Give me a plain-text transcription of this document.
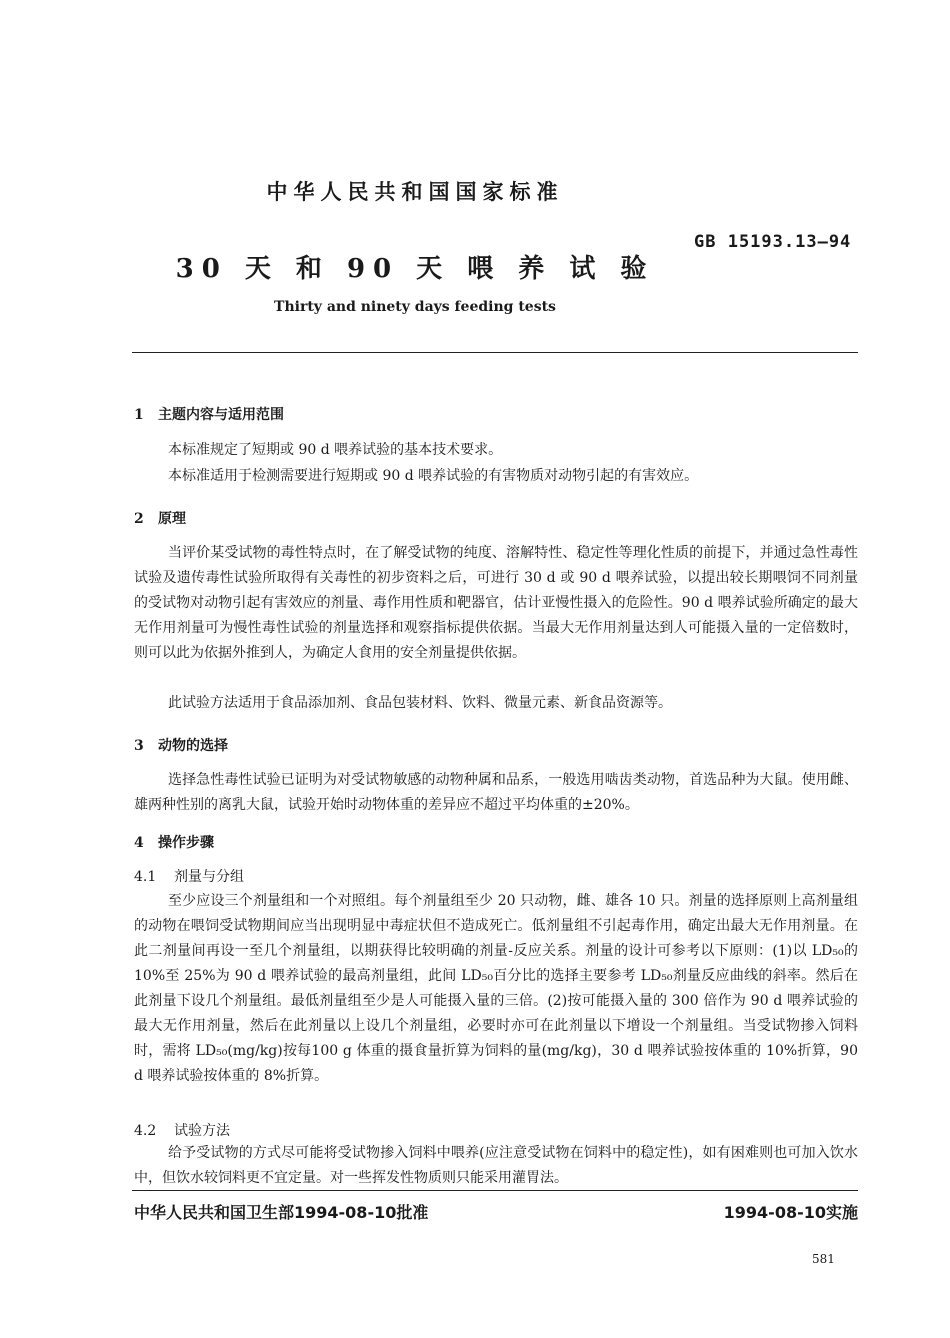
中华人民共和国国家标准
GB 15193.13—94
30 天 和 90 天 喂 养 试 验
Thirty and ninety days feeding tests
1 主题内容与适用范围
本标准规定了短期或 90 d 喂养试验的基本技术要求。
本标准适用于检测需要进行短期或 90 d 喂养试验的有害物质对动物引起的有害效应。
2 原理
当评价某受试物的毒性特点时，在了解受试物的纯度、溶解特性、稳定性等理化性质的前提下，并通过急性毒性试验及遗传毒性试验所取得有关毒性的初步资料之后，可进行 30 d 或 90 d 喂养试验，以提出较长期喂饲不同剂量的受试物对动物引起有害效应的剂量、毒作用性质和靶器官，估计亚慢性摄入的危险性。90 d 喂养试验所确定的最大无作用剂量可为慢性毒性试验的剂量选择和观察指标提供依据。当最大无作用剂量达到人可能摄入量的一定倍数时，则可以此为依据外推到人，为确定人食用的安全剂量提供依据。
此试验方法适用于食品添加剂、食品包装材料、饮料、微量元素、新食品资源等。
3 动物的选择
选择急性毒性试验已证明为对受试物敏感的动物种属和品系，一般选用啮齿类动物，首选品种为大鼠。使用雌、雄两种性别的离乳大鼠，试验开始时动物体重的差异应不超过平均体重的±20%。
4 操作步骤
4.1 剂量与分组
至少应设三个剂量组和一个对照组。每个剂量组至少 20 只动物，雌、雄各 10 只。剂量的选择原则上高剂量组的动物在喂饲受试物期间应当出现明显中毒症状但不造成死亡。低剂量组不引起毒作用，确定出最大无作用剂量。在此二剂量间再设一至几个剂量组，以期获得比较明确的剂量-反应关系。剂量的设计可参考以下原则：(1)以 LD₅₀的 10%至 25%为 90 d 喂养试验的最高剂量组，此间 LD₅₀百分比的选择主要参考 LD₅₀剂量反应曲线的斜率。然后在此剂量下设几个剂量组。最低剂量组至少是人可能摄入量的三倍。(2)按可能摄入量的 300 倍作为 90 d 喂养试验的最大无作用剂量，然后在此剂量以上设几个剂量组，必要时亦可在此剂量以下增设一个剂量组。当受试物掺入饲料时，需将 LD₅₀(mg/kg)按每100 g 体重的摄食量折算为饲料的量(mg/kg)，30 d 喂养试验按体重的 10%折算，90 d 喂养试验按体重的 8%折算。
4.2 试验方法
给予受试物的方式尽可能将受试物掺入饲料中喂养(应注意受试物在饲料中的稳定性)，如有困难则也可加入饮水中，但饮水较饲料更不宜定量。对一些挥发性物质则只能采用灌胃法。
中华人民共和国卫生部1994-08-10批准	1994-08-10实施
581
